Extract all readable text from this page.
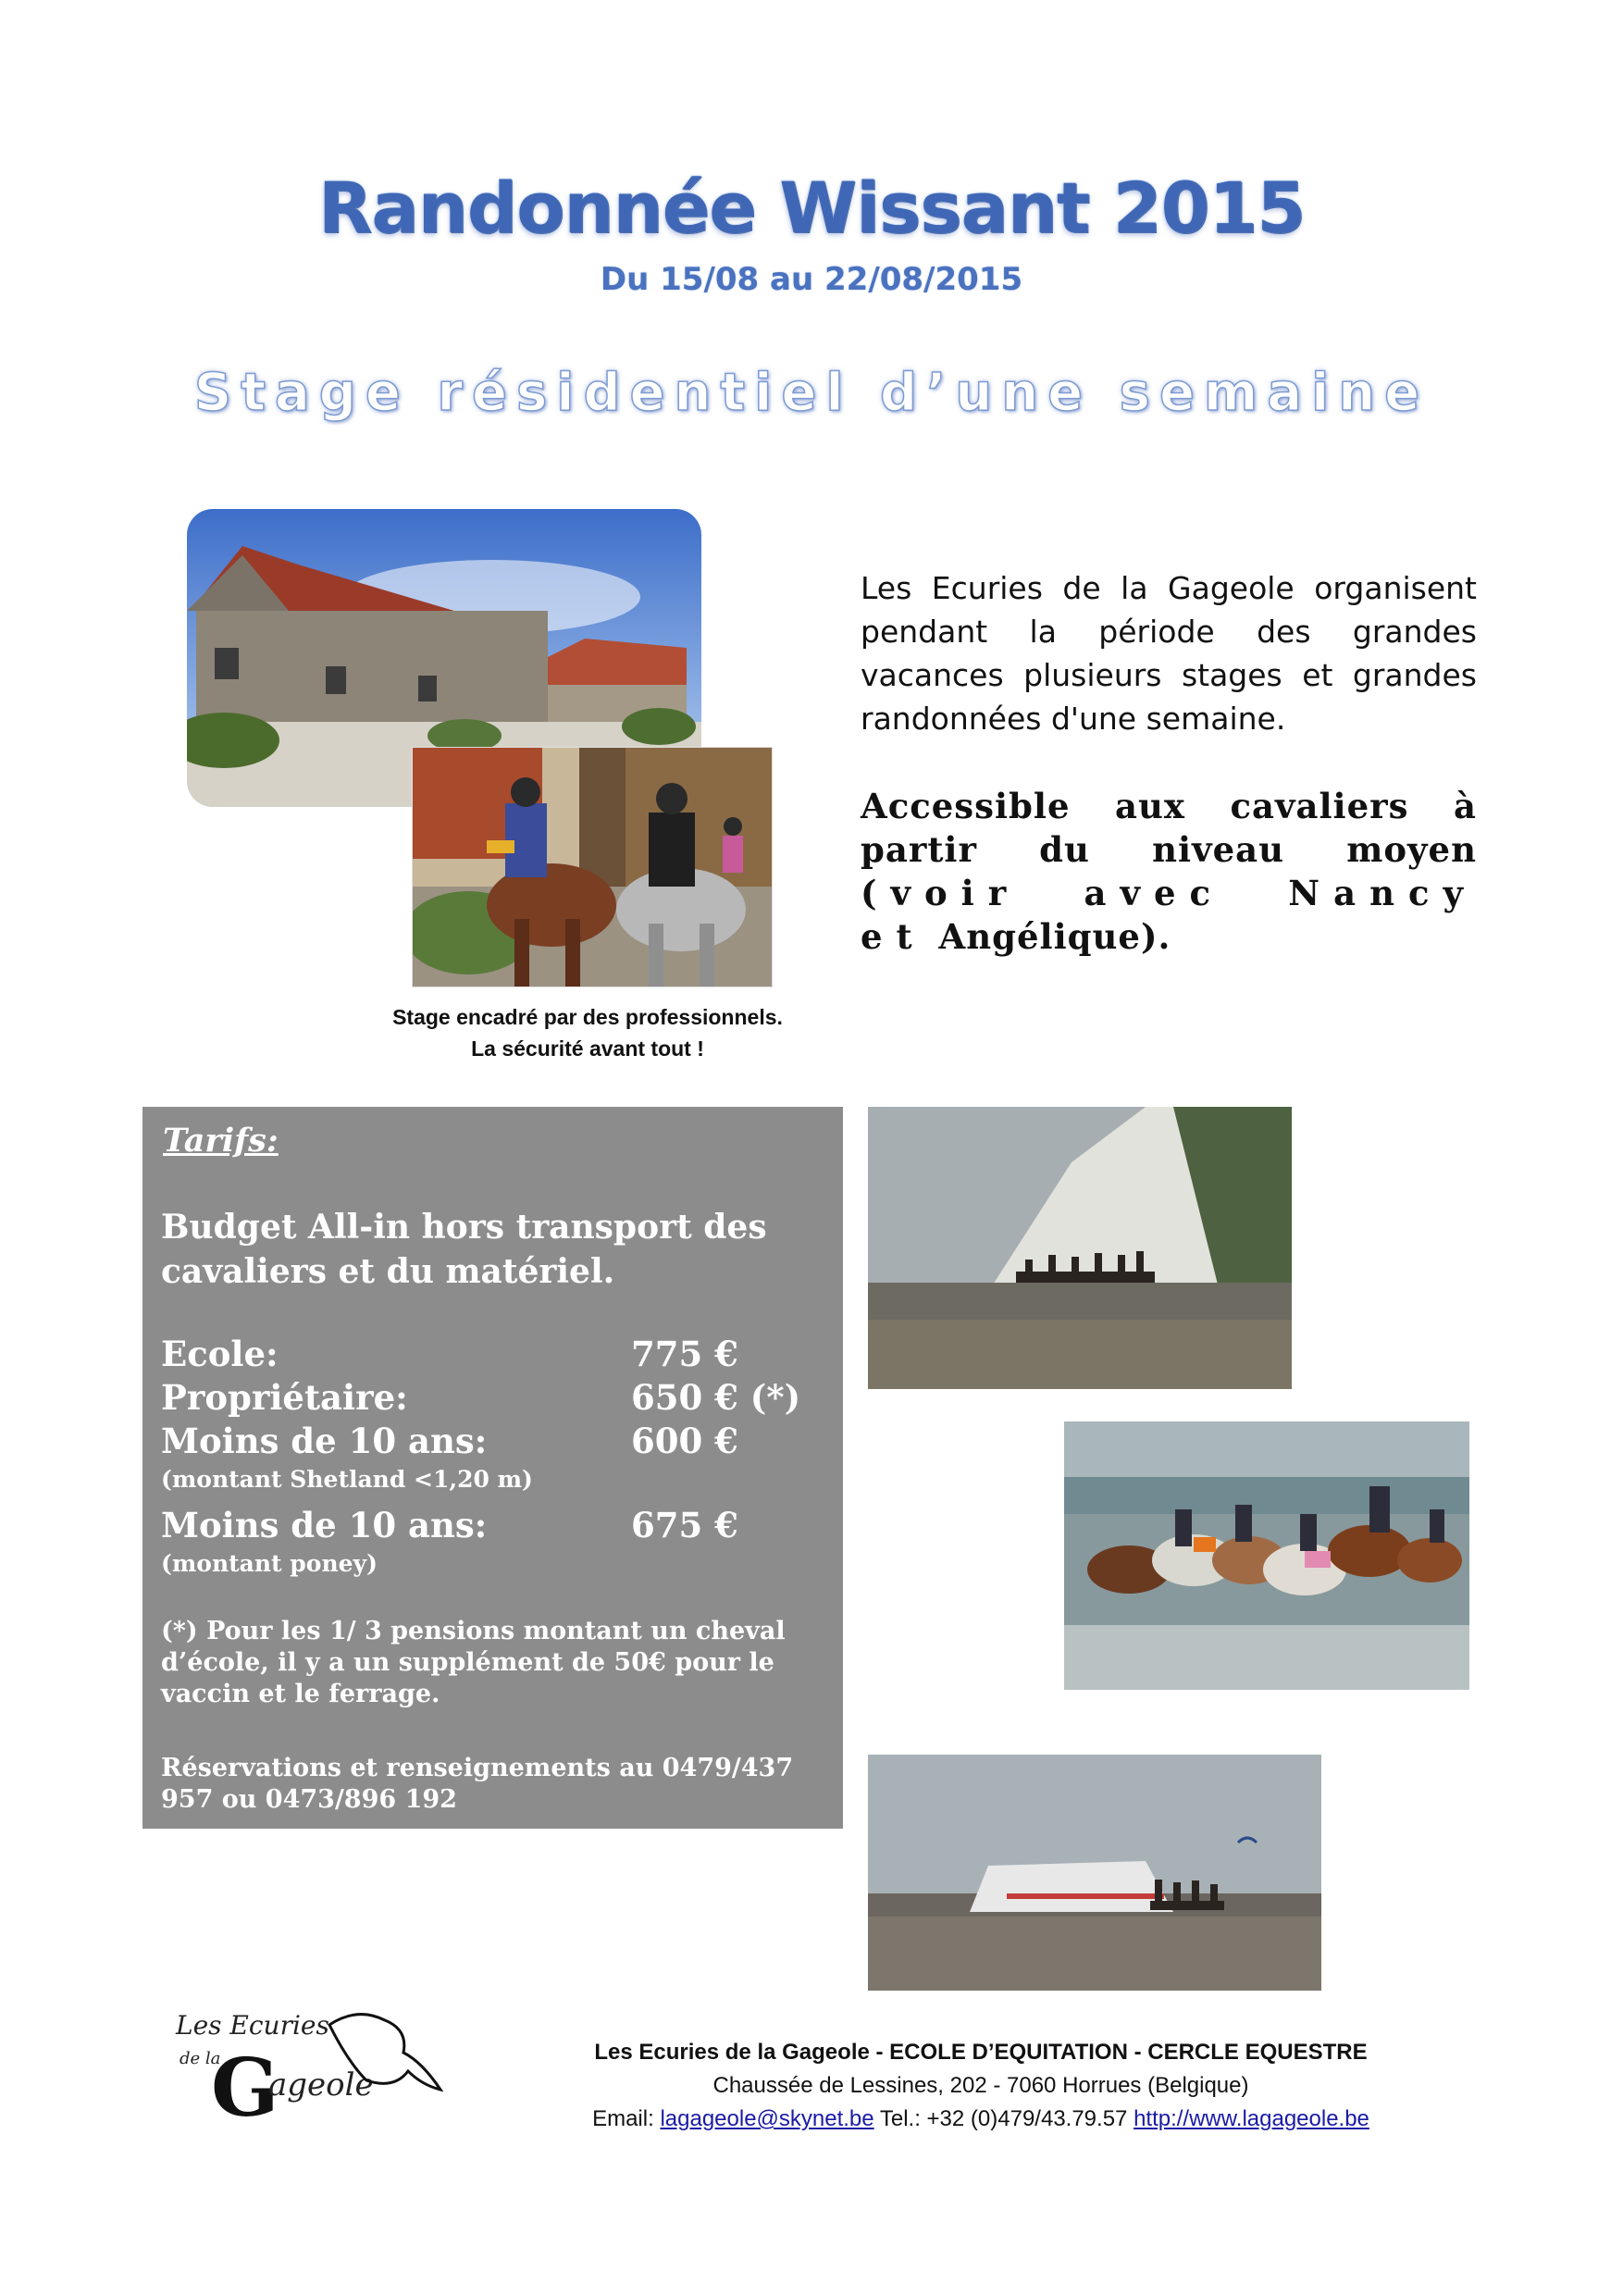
Randonnée Wissant 2015
Du 15/08 au 22/08/2015
Stage résidentiel d’une semaine
Stage encadré par des professionnels.
La sécurité avant tout !
Les Ecuries de la Gageole organisent pendant la période des grandes vacances plusieurs stages et grandes randonnées d'une semaine.
Accessible aux cavaliers à partir du niveau moyen (voir avec Nancy et Angélique).
Tarifs:
Budget All-in hors transport des cavaliers et du matériel.
Ecole:	775 €
Propriétaire:	650 € (*)
Moins de 10 ans:	600 €
(montant Shetland <1,20 m)
Moins de 10 ans:	675 €
(montant poney)
(*) Pour les 1/ 3 pensions montant un cheval d’école, il y a un supplément de 50€ pour le vaccin et le ferrage.
Réservations et renseignements au 0479/437 957 ou 0473/896 192
Les Ecuries
de la
G
ageole
Les Ecuries de la Gageole - ECOLE D’EQUITATION - CERCLE EQUESTRE
Chaussée de Lessines, 202 - 7060 Horrues (Belgique)
Email: lagageole@skynet.be Tel.: +32 (0)479/43.79.57 http://www.lagageole.be
